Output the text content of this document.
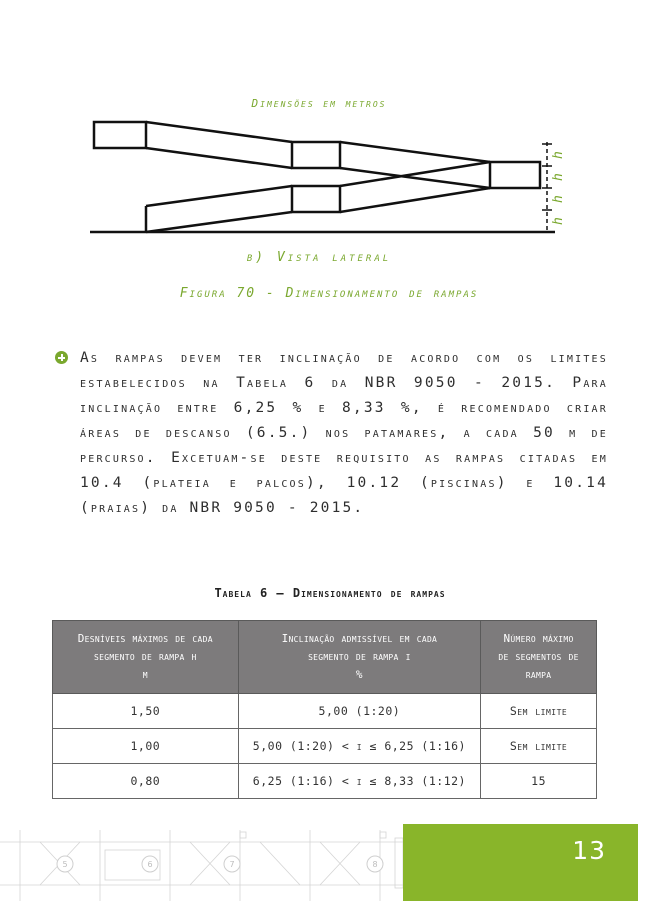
Dimensões em metros
h
h
h
h
b) Vista lateral
Figura 70 - Dimensionamento de rampas
As rampas devem ter inclinação de acordo com os limites estabelecidos na Tabela 6 da NBR 9050 - 2015. Para inclinação entre 6,25 % e 8,33 %, é recomendado criar áreas de descanso (6.5.) nos patamares, a cada 50 m de percurso. Excetuam-se deste requisito as rampas citadas em 10.4 (plateia e palcos), 10.12 (piscinas) e 10.14 (praias) da NBR 9050 - 2015.
Tabela 6 – Dimensionamento de rampas
Desníveis máximos de cada
segmento de rampa h
m	Inclinação admissível em cada
segmento de rampa i
%	Número máximo
de segmentos de
rampa
1,50	5,00 (1:20)	Sem limite
1,00	5,00 (1:20) < i ≤ 6,25 (1:16)	Sem limite
0,80	6,25 (1:16) < i ≤ 8,33 (1:12)	15
5	6	7	8	13
